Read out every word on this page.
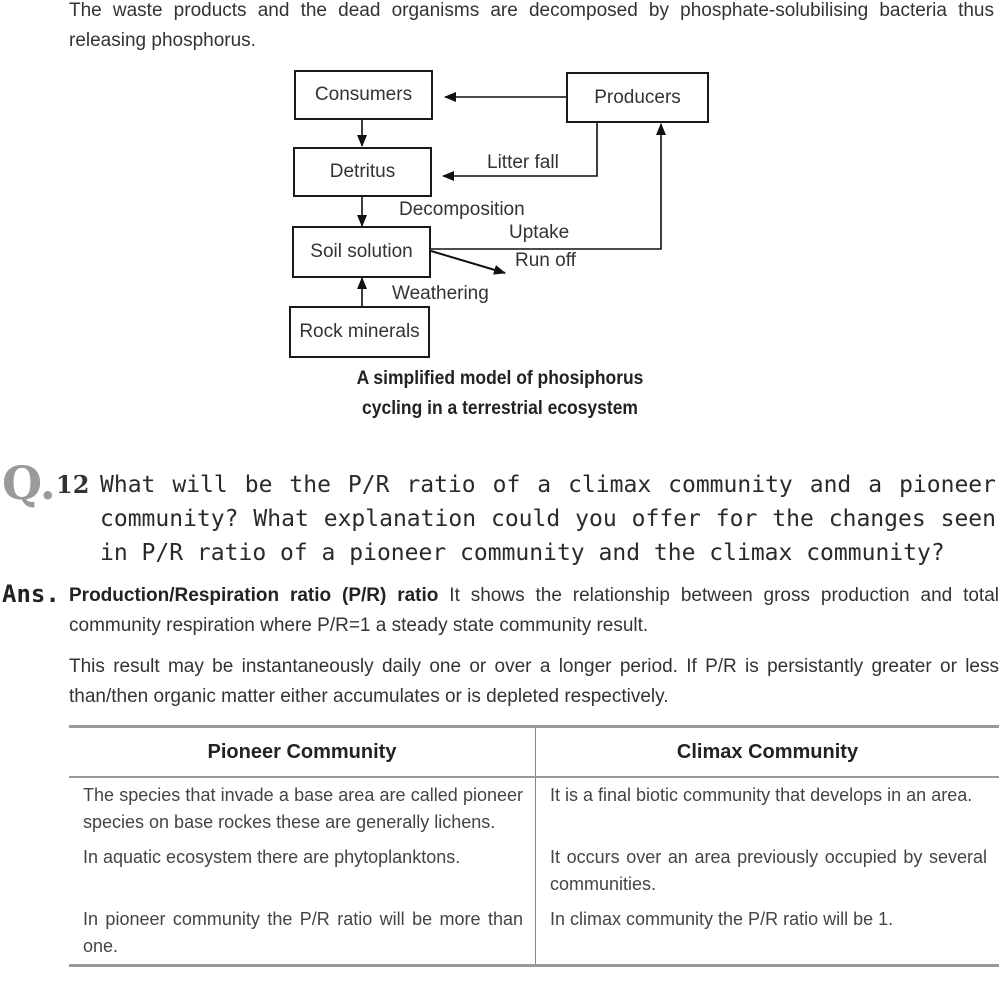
The waste products and the dead organisms are decomposed by phosphate-solubilising bacteria thus releasing phosphorus.
Consumers	Producers
Detritus
Soil solution
Rock minerals
Litter fall
Decomposition
Uptake
Run off
Weathering
A simplified model of phosiphorus
cycling in a terrestrial ecosystem
Q. 12 What will be the P/R ratio of a climax community and a pioneer community? What explanation could you offer for the changes seen in P/R ratio of a pioneer community and the climax community?
Ans. Production/Respiration ratio (P/R) ratio It shows the relationship between gross production and total community respiration where P/R=1 a steady state community result.
This result may be instantaneously daily one or over a longer period. If P/R is persistantly greater or less than/then organic matter either accumulates or is depleted respectively.
Pioneer Community	Climax Community
The species that invade a base area are called pioneer species on base rockes these are generally lichens.	It is a final biotic community that develops in an area.
In aquatic ecosystem there are phytoplanktons.	It occurs over an area previously occupied by several communities.
In pioneer community the P/R ratio will be more than one.	In climax community the P/R ratio will be 1.
